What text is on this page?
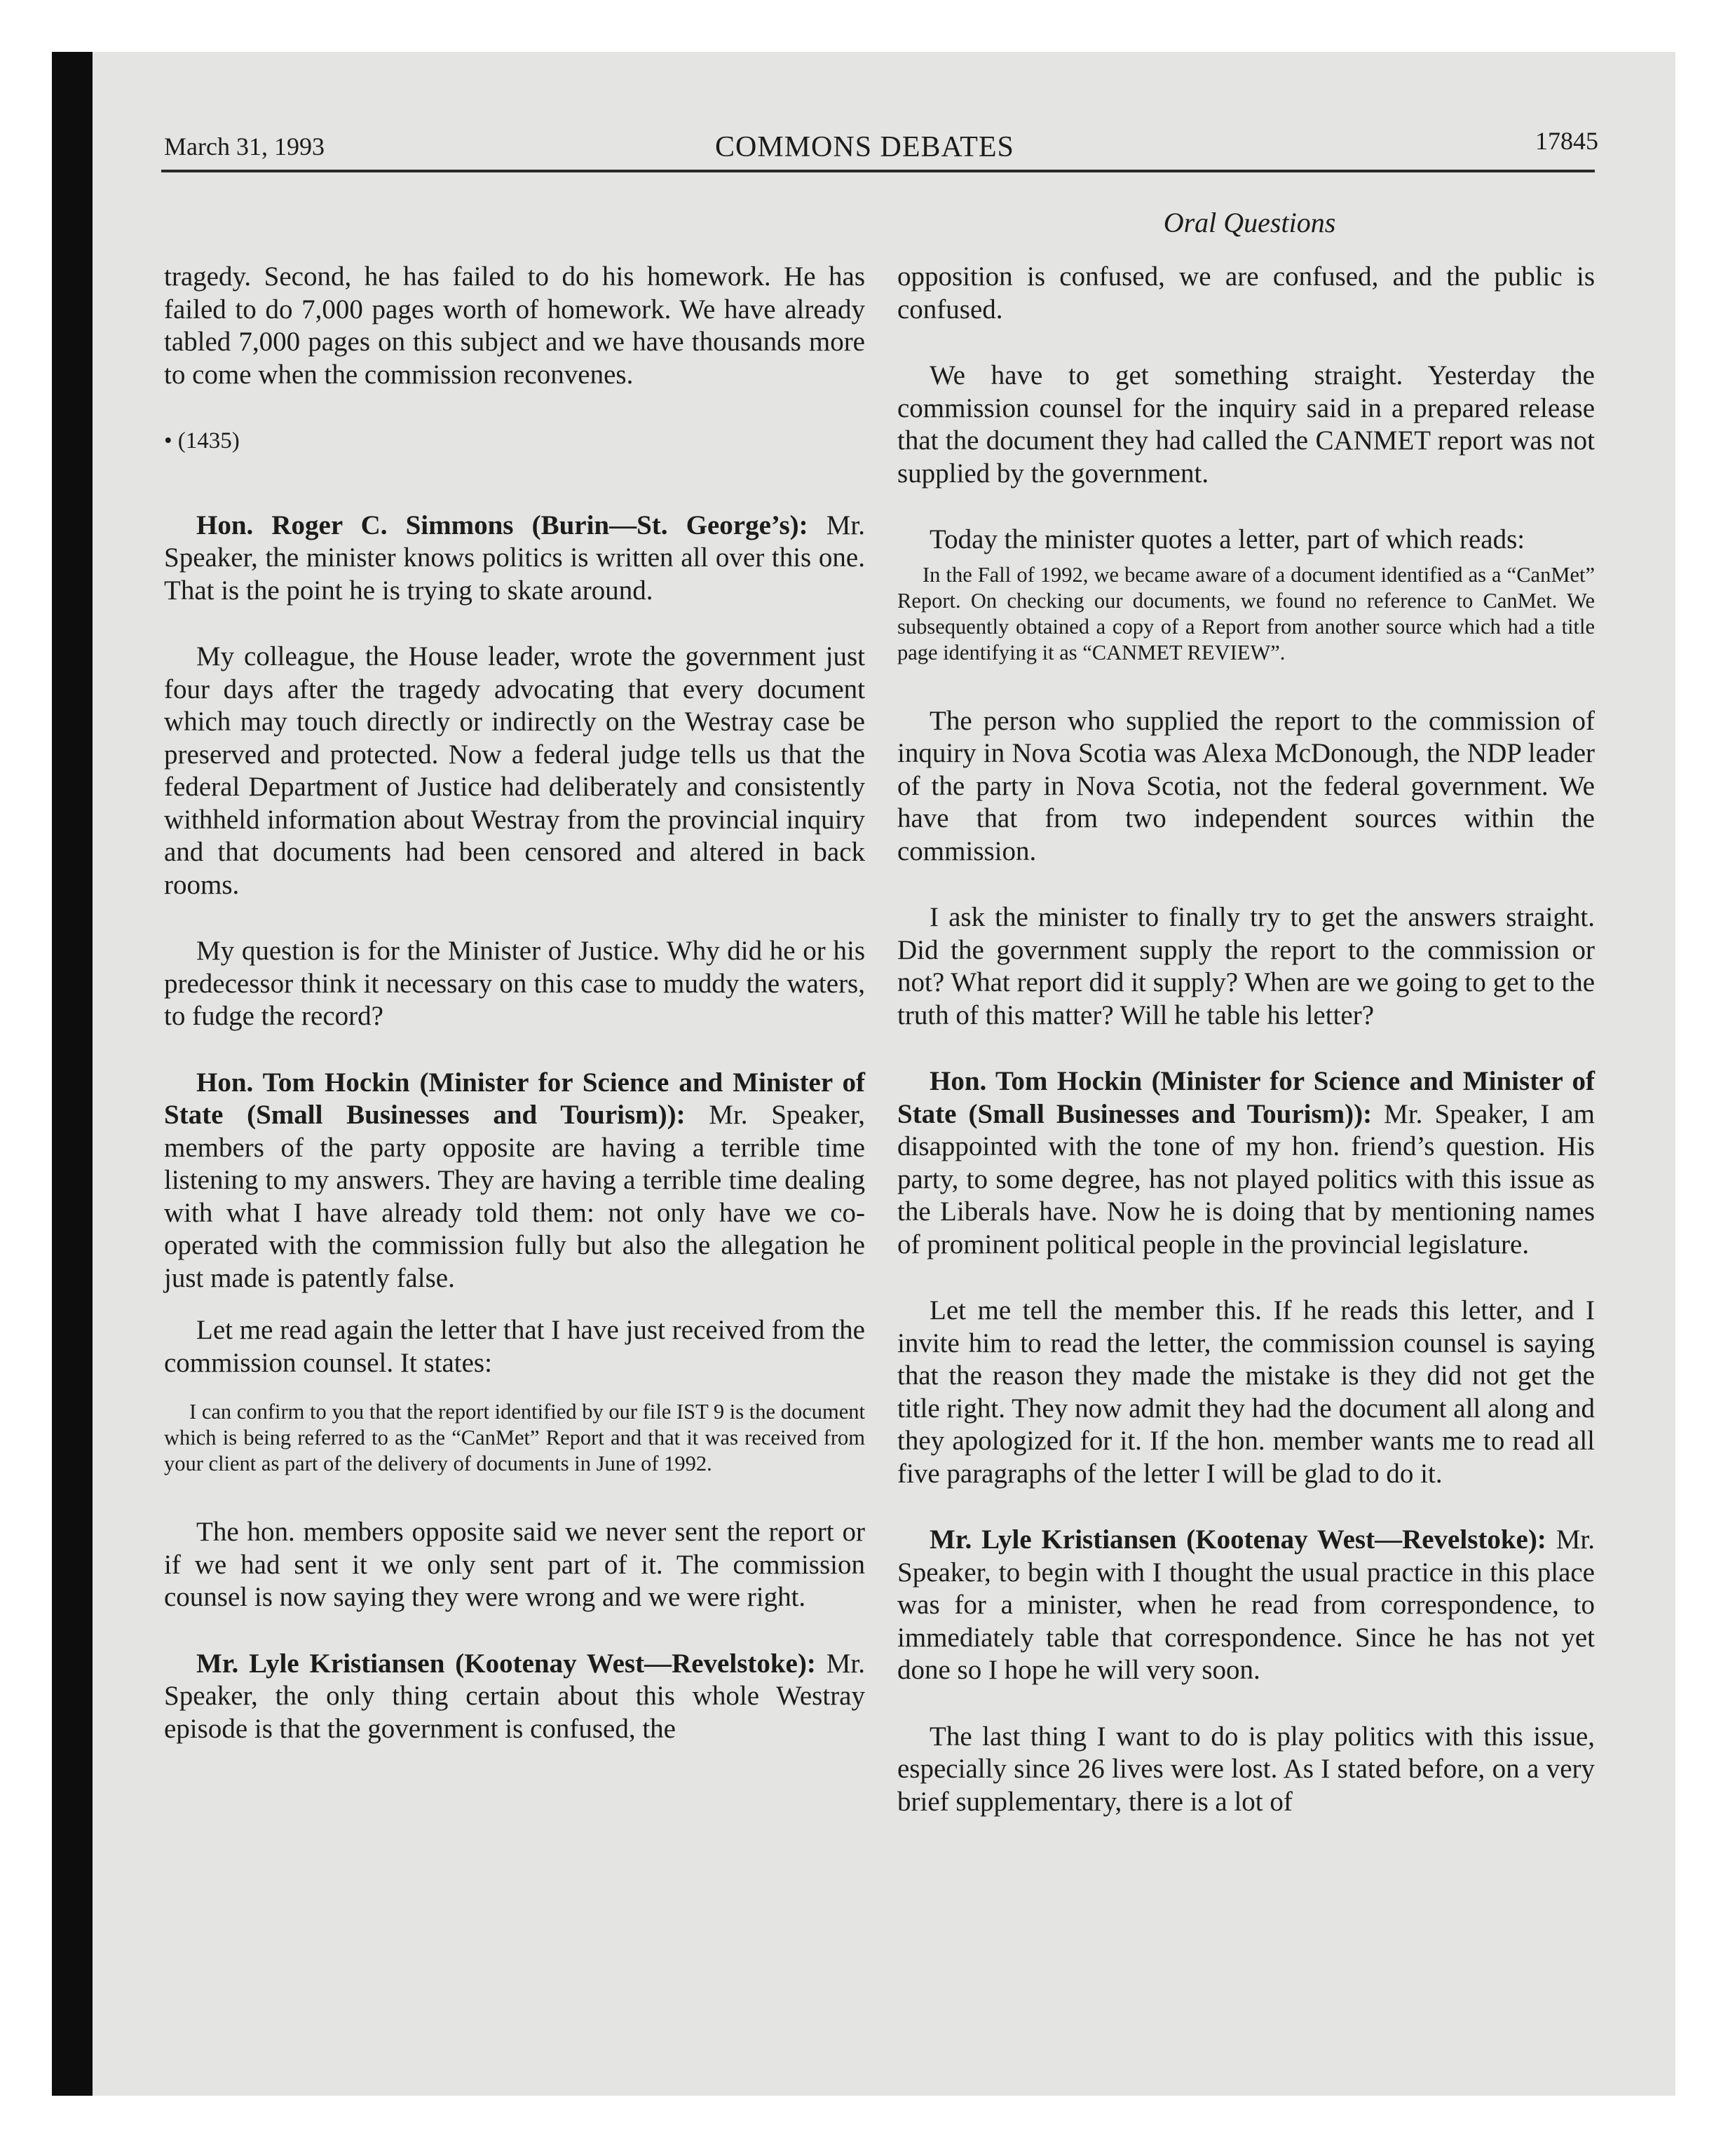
March 31, 1993	COMMONS DEBATES	17845
Oral Questions

tragedy. Second, he has failed to do his homework. He has failed to do 7,000 pages worth of homework. We have already tabled 7,000 pages on this subject and we have thousands more to come when the commission reconvenes.

• (1435)

Hon. Roger C. Simmons (Burin—St. George’s): Mr. Speaker, the minister knows politics is written all over this one. That is the point he is trying to skate around.

My colleague, the House leader, wrote the government just four days after the tragedy advocating that every document which may touch directly or indirectly on the Westray case be preserved and protected. Now a federal judge tells us that the federal Department of Justice had deliberately and consistently withheld information about Westray from the provincial inquiry and that documents had been censored and altered in back rooms.

My question is for the Minister of Justice. Why did he or his predecessor think it necessary on this case to muddy the waters, to fudge the record?

Hon. Tom Hockin (Minister for Science and Minister of State (Small Businesses and Tourism)): Mr. Speaker, members of the party opposite are having a terrible time listening to my answers. They are having a terrible time dealing with what I have already told them: not only have we co-operated with the commission fully but also the allegation he just made is patently false.

Let me read again the letter that I have just received from the commission counsel. It states:

I can confirm to you that the report identified by our file IST 9 is the document which is being referred to as the “CanMet” Report and that it was received from your client as part of the delivery of documents in June of 1992.

The hon. members opposite said we never sent the report or if we had sent it we only sent part of it. The commission counsel is now saying they were wrong and we were right.

Mr. Lyle Kristiansen (Kootenay West—Revelstoke): Mr. Speaker, the only thing certain about this whole Westray episode is that the government is confused, the

opposition is confused, we are confused, and the public is confused.

We have to get something straight. Yesterday the commission counsel for the inquiry said in a prepared release that the document they had called the CANMET report was not supplied by the government.

Today the minister quotes a letter, part of which reads:

In the Fall of 1992, we became aware of a document identified as a “CanMet” Report. On checking our documents, we found no reference to CanMet. We subsequently obtained a copy of a Report from another source which had a title page identifying it as “CANMET REVIEW”.

The person who supplied the report to the commission of inquiry in Nova Scotia was Alexa McDonough, the NDP leader of the party in Nova Scotia, not the federal government. We have that from two independent sources within the commission.

I ask the minister to finally try to get the answers straight. Did the government supply the report to the commission or not? What report did it supply? When are we going to get to the truth of this matter? Will he table his letter?

Hon. Tom Hockin (Minister for Science and Minister of State (Small Businesses and Tourism)): Mr. Speaker, I am disappointed with the tone of my hon. friend’s question. His party, to some degree, has not played politics with this issue as the Liberals have. Now he is doing that by mentioning names of prominent political people in the provincial legislature.

Let me tell the member this. If he reads this letter, and I invite him to read the letter, the commission counsel is saying that the reason they made the mistake is they did not get the title right. They now admit they had the document all along and they apologized for it. If the hon. member wants me to read all five paragraphs of the letter I will be glad to do it.

Mr. Lyle Kristiansen (Kootenay West—Revelstoke): Mr. Speaker, to begin with I thought the usual practice in this place was for a minister, when he read from correspondence, to immediately table that correspondence. Since he has not yet done so I hope he will very soon.

The last thing I want to do is play politics with this issue, especially since 26 lives were lost. As I stated before, on a very brief supplementary, there is a lot of
